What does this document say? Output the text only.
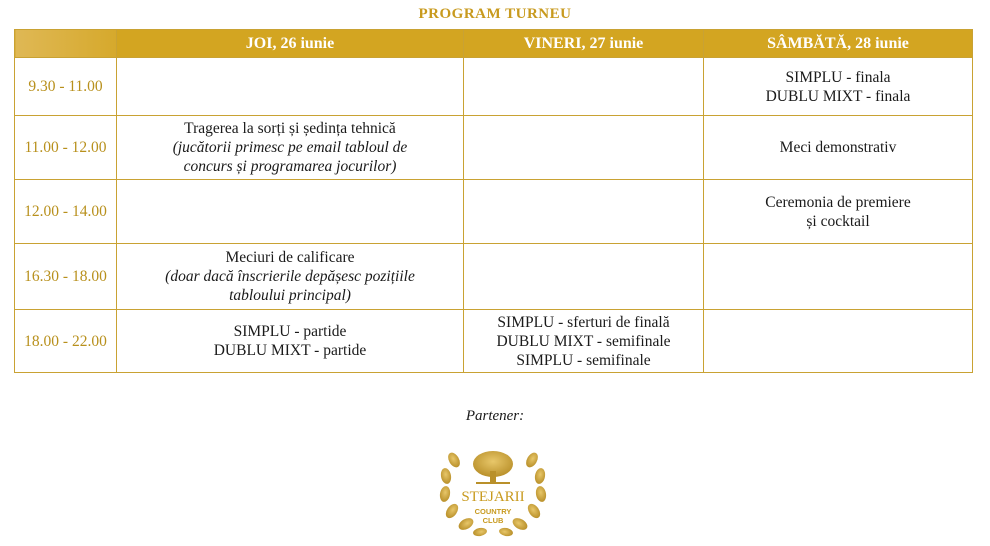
PROGRAM TURNEU
	JOI, 26 iunie	VINERI, 27 iunie	SÂMBĂTĂ, 28 iunie
9.30 - 11.00			SIMPLU - finala
DUBLU MIXT - finala

11.00 - 12.00	Tragerea la sorți și ședința tehnică
(jucătorii primesc pe email tabloul de concurs și programarea jocurilor)		Meci demonstrativ

12.00 - 14.00			Ceremonia de premiere
și cocktail

16.30 - 18.00	Meciuri de calificare
(doar dacă înscrierile depășesc pozițiile tabloului principal)		

18.00 - 22.00	SIMPLU - partide
DUBLU MIXT - partide	SIMPLU - sferturi de finală
DUBLU MIXT - semifinale
SIMPLU - semifinale	

Partener:
STEJARII
COUNTRY
CLUB
